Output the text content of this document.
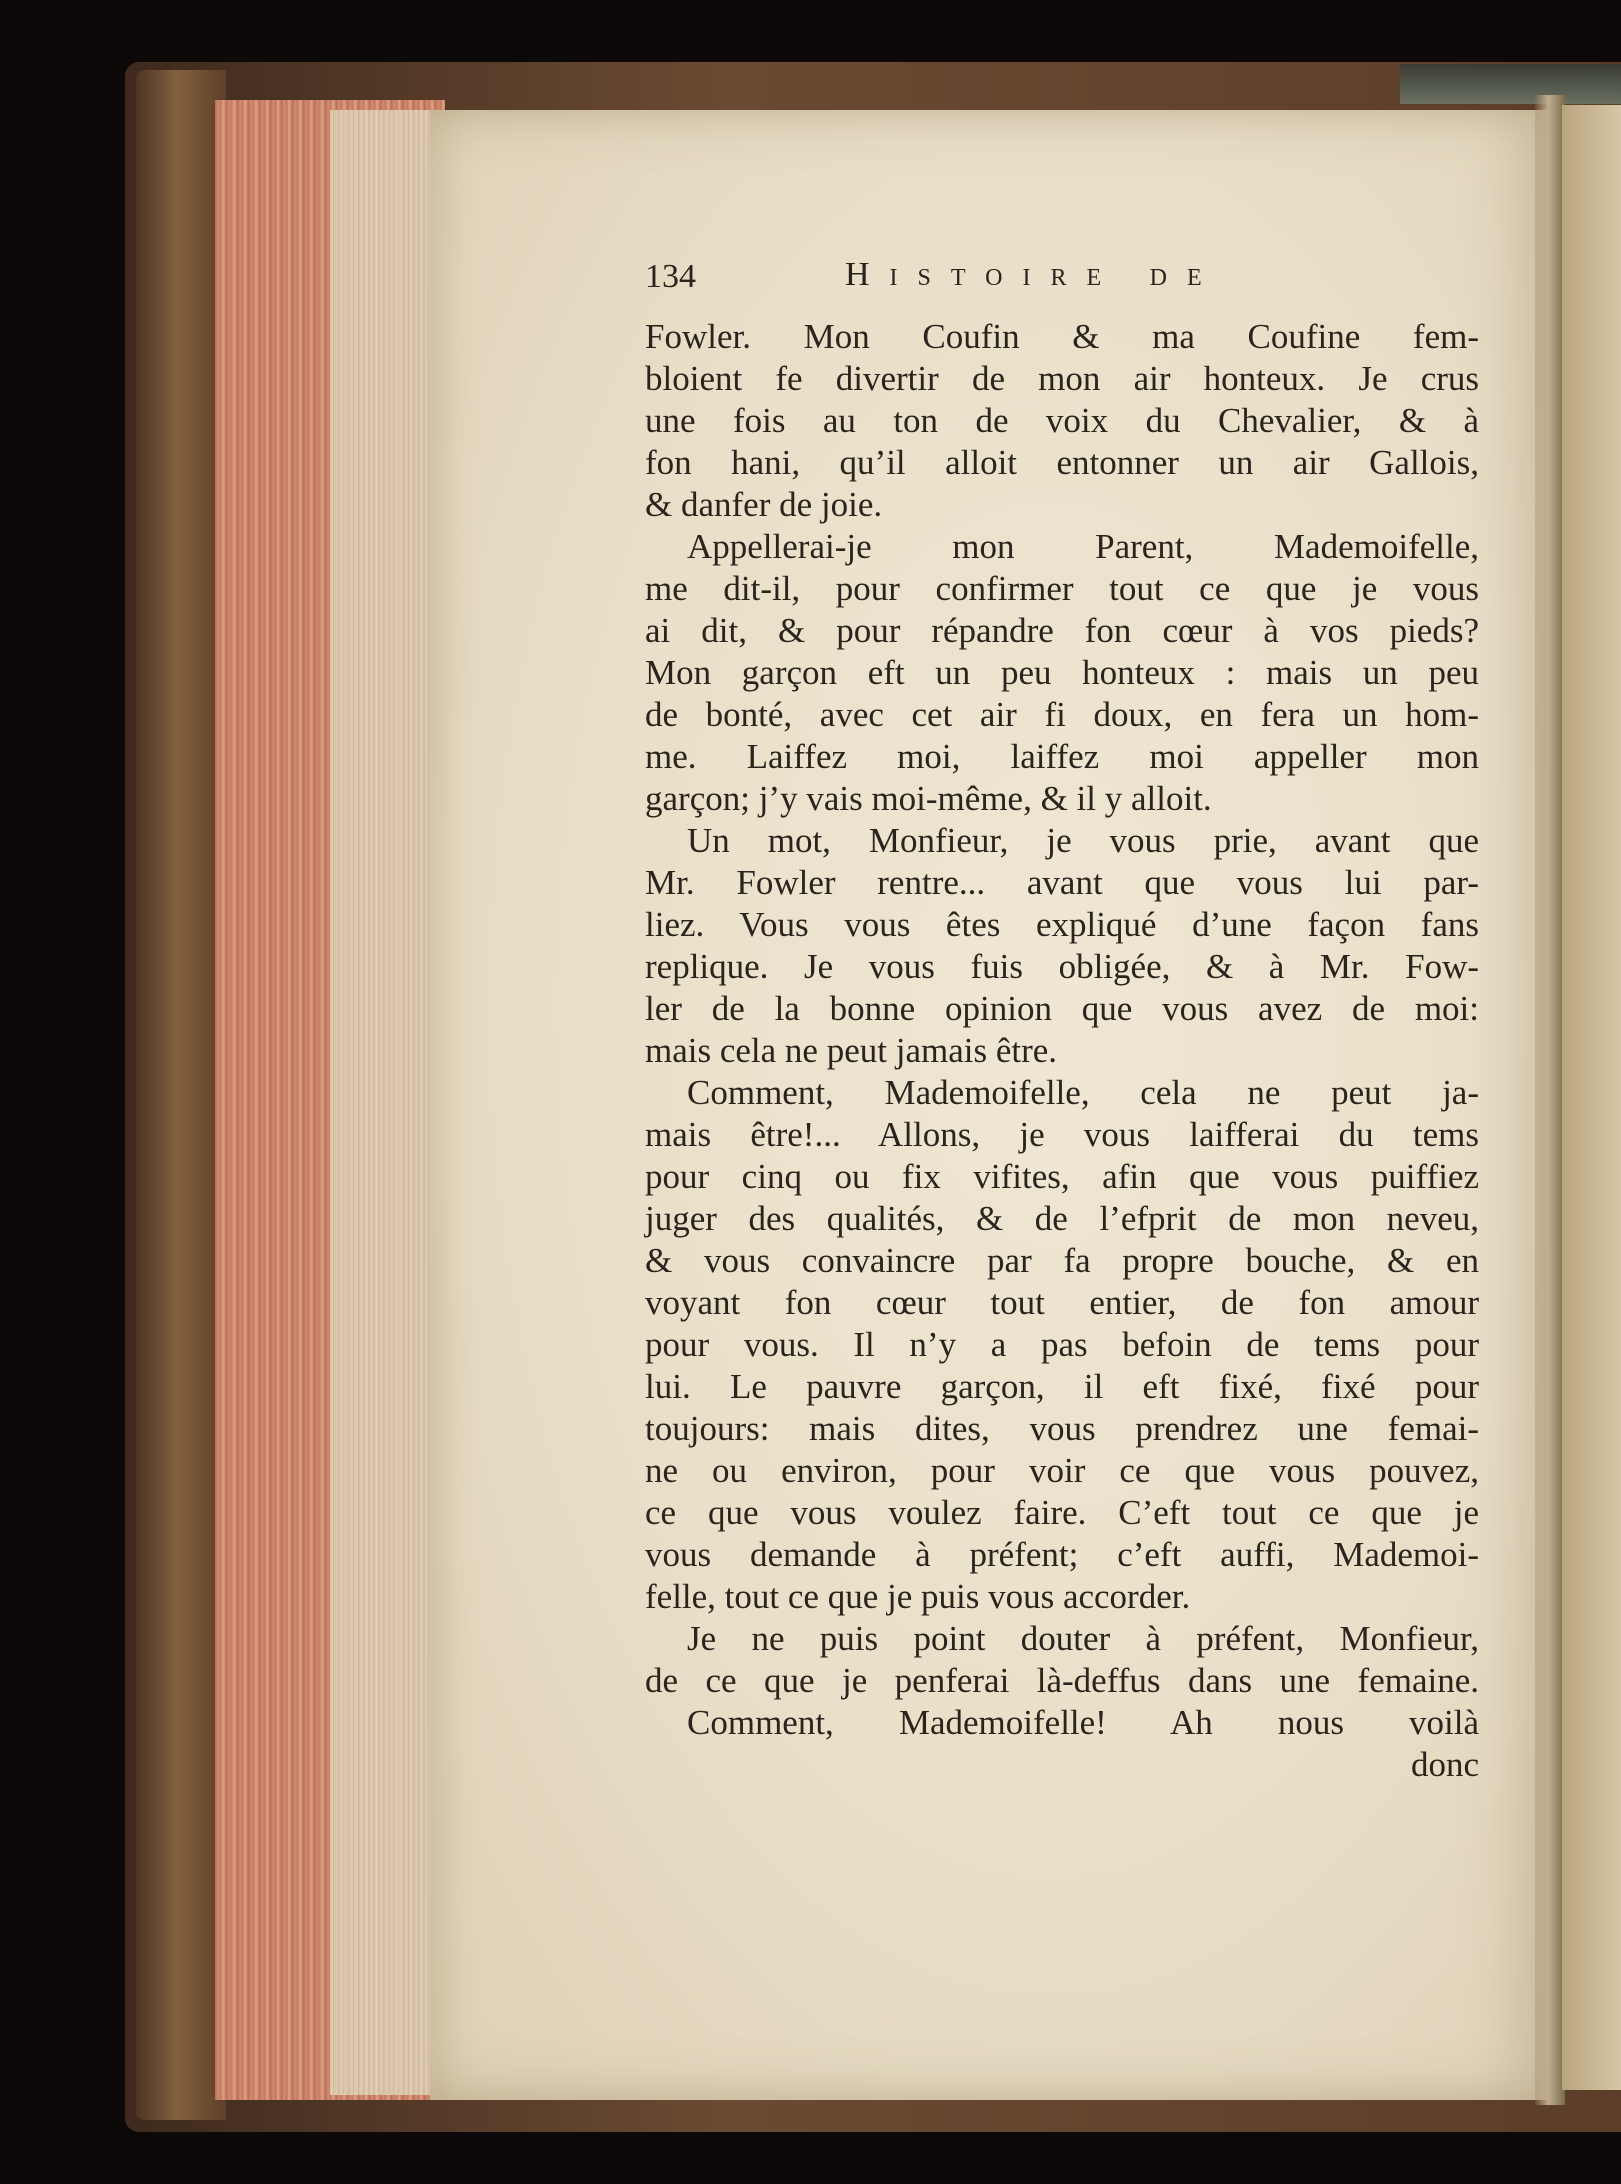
134	Histoire de
Fowler. Mon Coufin & ma Coufine fem-
bloient fe divertir de mon air honteux. Je crus
une fois au ton de voix du Chevalier, & à
fon hani, qu’il alloit entonner un air Gallois,
& danfer de joie.
Appellerai-je mon Parent, Mademoifelle,
me dit-il, pour confirmer tout ce que je vous
ai dit, & pour répandre fon cœur à vos pieds?
Mon garçon eft un peu honteux : mais un peu
de bonté, avec cet air fi doux, en fera un hom-
me. Laiffez moi, laiffez moi appeller mon
garçon; j’y vais moi-même, & il y alloit.
Un mot, Monfieur, je vous prie, avant que
Mr. Fowler rentre... avant que vous lui par-
liez. Vous vous êtes expliqué d’une façon fans
replique. Je vous fuis obligée, & à Mr. Fow-
ler de la bonne opinion que vous avez de moi:
mais cela ne peut jamais être.
Comment, Mademoifelle, cela ne peut ja-
mais être!... Allons, je vous laifferai du tems
pour cinq ou fix vifites, afin que vous puiffiez
juger des qualités, & de l’efprit de mon neveu,
& vous convaincre par fa propre bouche, & en
voyant fon cœur tout entier, de fon amour
pour vous. Il n’y a pas befoin de tems pour
lui. Le pauvre garçon, il eft fixé, fixé pour
toujours: mais dites, vous prendrez une femai-
ne ou environ, pour voir ce que vous pouvez,
ce que vous voulez faire. C’eft tout ce que je
vous demande à préfent; c’eft auffi, Mademoi-
felle, tout ce que je puis vous accorder.
Je ne puis point douter à préfent, Monfieur,
de ce que je penferai là-deffus dans une femaine.
Comment, Mademoifelle! Ah nous voilà
donc
